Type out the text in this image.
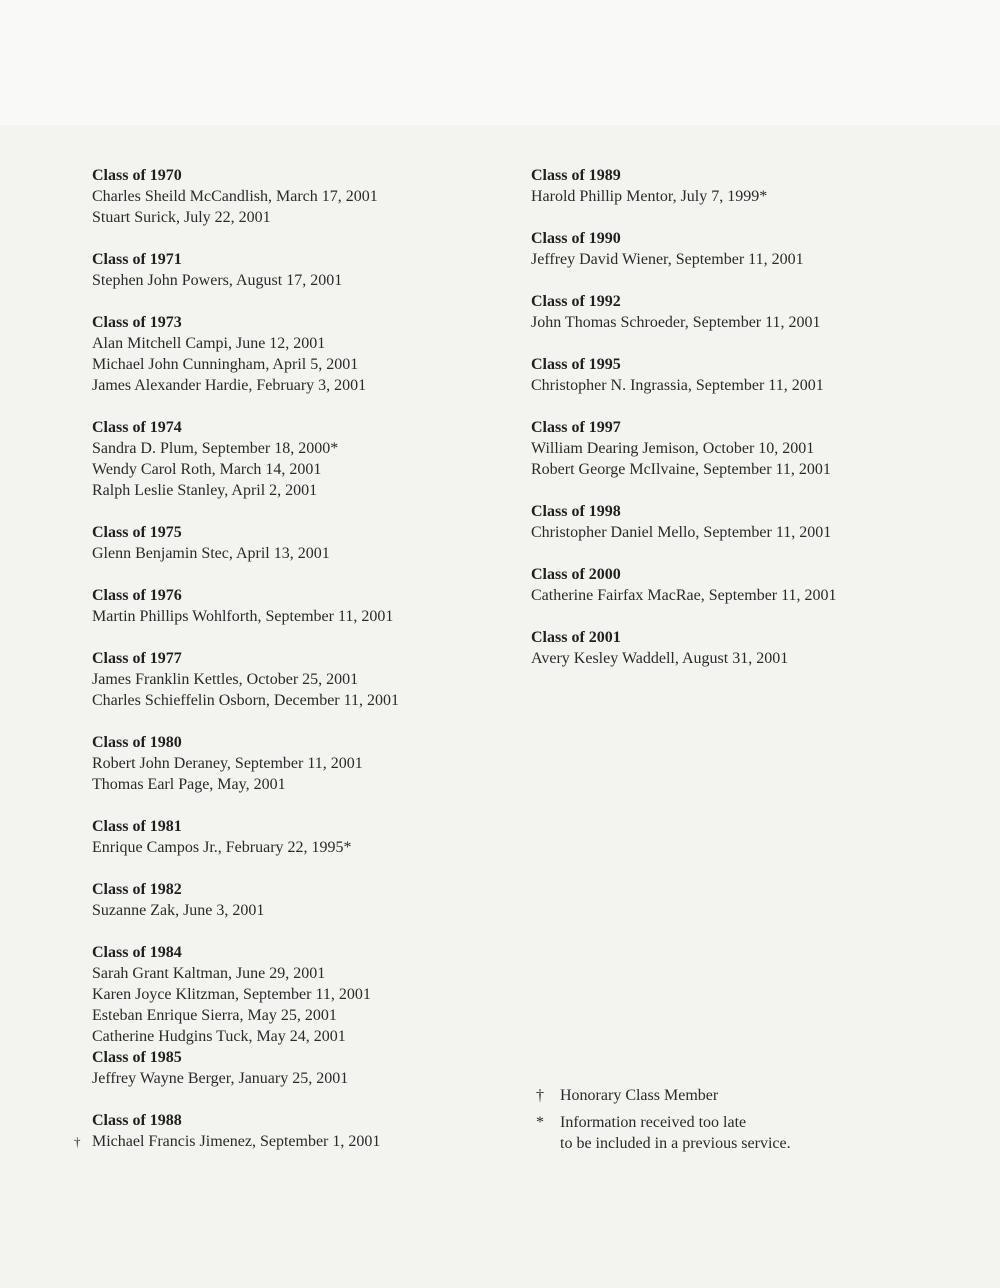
Class of 1970
Charles Sheild McCandlish, March 17, 2001
Stuart Surick, July 22, 2001
Class of 1971
Stephen John Powers, August 17, 2001
Class of 1973
Alan Mitchell Campi, June 12, 2001
Michael John Cunningham, April 5, 2001
James Alexander Hardie, February 3, 2001
Class of 1974
Sandra D. Plum, September 18, 2000*
Wendy Carol Roth, March 14, 2001
Ralph Leslie Stanley, April 2, 2001
Class of 1975
Glenn Benjamin Stec, April 13, 2001
Class of 1976
Martin Phillips Wohlforth, September 11, 2001
Class of 1977
James Franklin Kettles, October 25, 2001
Charles Schieffelin Osborn, December 11, 2001
Class of 1980
Robert John Deraney, September 11, 2001
Thomas Earl Page, May, 2001
Class of 1981
Enrique Campos Jr., February 22, 1995*
Class of 1982
Suzanne Zak, June 3, 2001
Class of 1984
Sarah Grant Kaltman, June 29, 2001
Karen Joyce Klitzman, September 11, 2001
Esteban Enrique Sierra, May 25, 2001
Catherine Hudgins Tuck, May 24, 2001
Class of 1985
Jeffrey Wayne Berger, January 25, 2001
Class of 1988
† Michael Francis Jimenez, September 1, 2001
Class of 1989
Harold Phillip Mentor, July 7, 1999*
Class of 1990
Jeffrey David Wiener, September 11, 2001
Class of 1992
John Thomas Schroeder, September 11, 2001
Class of 1995
Christopher N. Ingrassia, September 11, 2001
Class of 1997
William Dearing Jemison, October 10, 2001
Robert George McIlvaine, September 11, 2001
Class of 1998
Christopher Daniel Mello, September 11, 2001
Class of 2000
Catherine Fairfax MacRae, September 11, 2001
Class of 2001
Avery Kesley Waddell, August 31, 2001
† Honorary Class Member
* Information received too late
to be included in a previous service.
